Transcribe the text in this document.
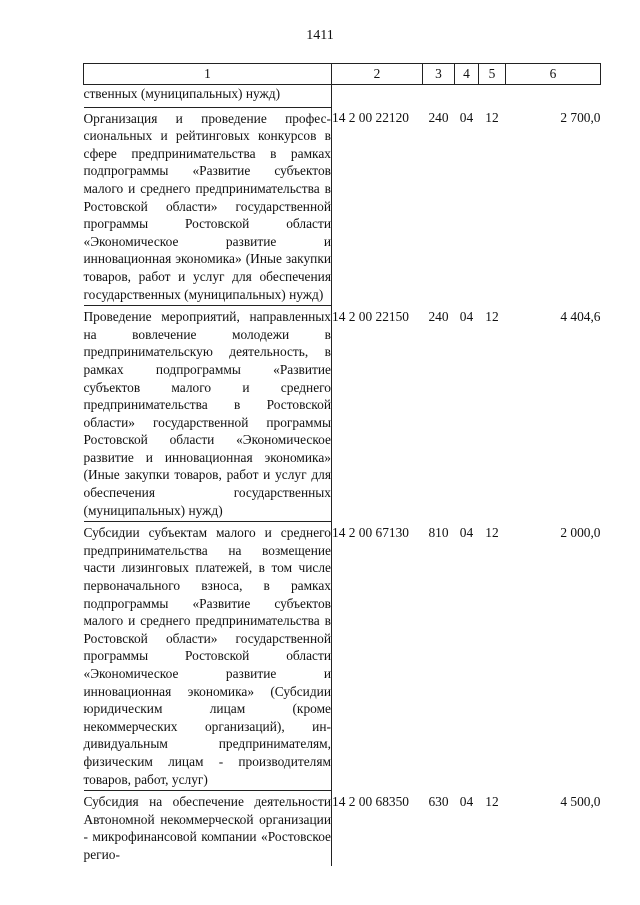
1411
1	2	3	4	5	6
ственных (муниципальных) нужд)					
Организация и проведение профессиональных и рейтинговых конкурсов в сфере предпринимательства в рамках подпрограммы «Развитие субъектов малого и среднего предпринимательства в Ростовской области» государственной программы Ростовской области «Экономическое развитие и инновационная экономика» (Иные закупки товаров, работ и услуг для обеспечения государственных (муниципальных) нужд)	14 2 00 22120	240	04	12	2 700,0
Проведение мероприятий, направленных на вовлечение молодежи в предпринимательскую деятельность, в рамках подпрограммы «Развитие субъектов малого и среднего предпринимательства в Ростовской области» государственной программы Ростовской области «Экономическое развитие и инновационная экономика» (Иные закупки товаров, работ и услуг для обеспечения государственных (муниципальных) нужд)	14 2 00 22150	240	04	12	4 404,6
Субсидии субъектам малого и среднего предпринимательства на возмещение части лизинговых платежей, в том числе первоначального взноса, в рамках подпрограммы «Развитие субъектов малого и среднего предпринимательства в Ростовской области» государственной программы Ростовской области «Экономическое развитие и инновационная экономика» (Субсидии юридическим лицам (кроме некоммерческих организаций), индивидуальным предпринимателям, физическим лицам - производителям товаров, работ, услуг)	14 2 00 67130	810	04	12	2 000,0
Субсидия на обеспечение деятельности Автономной некоммерческой организации - микрофинансовой компании «Ростовское регио-	14 2 00 68350	630	04	12	4 500,0
